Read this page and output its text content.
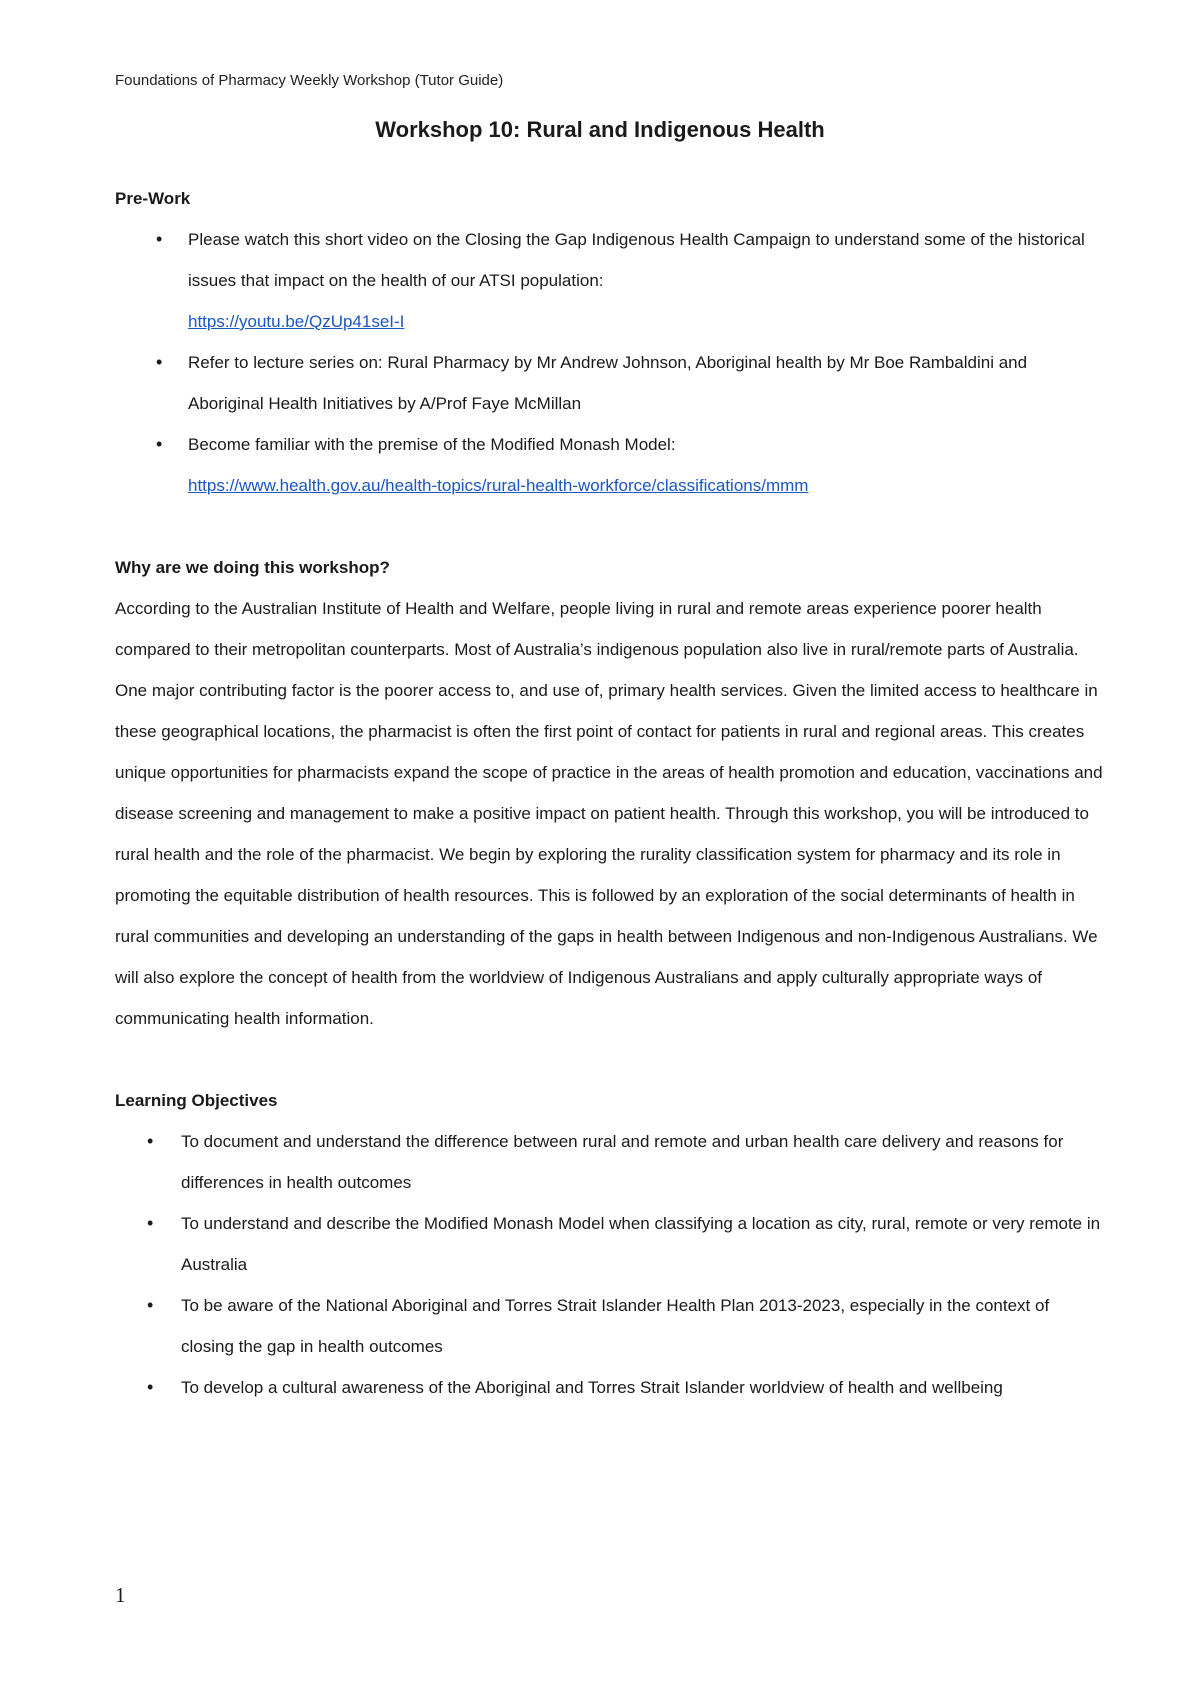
Foundations of Pharmacy Weekly Workshop (Tutor Guide)
Workshop 10: Rural and Indigenous Health

Pre-Work

• Please watch this short video on the Closing the Gap Indigenous Health Campaign to understand some of the historical issues that impact on the health of our ATSI population:
https://youtu.be/QzUp41seI-I
• Refer to lecture series on: Rural Pharmacy by Mr Andrew Johnson, Aboriginal health by Mr Boe Rambaldini and Aboriginal Health Initiatives by A/Prof Faye McMillan
• Become familiar with the premise of the Modified Monash Model:
https://www.health.gov.au/health-topics/rural-health-workforce/classifications/mmm

Why are we doing this workshop?

According to the Australian Institute of Health and Welfare, people living in rural and remote areas experience poorer health compared to their metropolitan counterparts. Most of Australia’s indigenous population also live in rural/remote parts of Australia. One major contributing factor is the poorer access to, and use of, primary health services. Given the limited access to healthcare in these geographical locations, the pharmacist is often the first point of contact for patients in rural and regional areas. This creates unique opportunities for pharmacists expand the scope of practice in the areas of health promotion and education, vaccinations and disease screening and management to make a positive impact on patient health. Through this workshop, you will be introduced to rural health and the role of the pharmacist. We begin by exploring the rurality classification system for pharmacy and its role in promoting the equitable distribution of health resources. This is followed by an exploration of the social determinants of health in rural communities and developing an understanding of the gaps in health between Indigenous and non-Indigenous Australians. We will also explore the concept of health from the worldview of Indigenous Australians and apply culturally appropriate ways of communicating health information.

Learning Objectives

• To document and understand the difference between rural and remote and urban health care delivery and reasons for differences in health outcomes
• To understand and describe the Modified Monash Model when classifying a location as city, rural, remote or very remote in Australia
• To be aware of the National Aboriginal and Torres Strait Islander Health Plan 2013-2023, especially in the context of closing the gap in health outcomes
• To develop a cultural awareness of the Aboriginal and Torres Strait Islander worldview of health and wellbeing
1
